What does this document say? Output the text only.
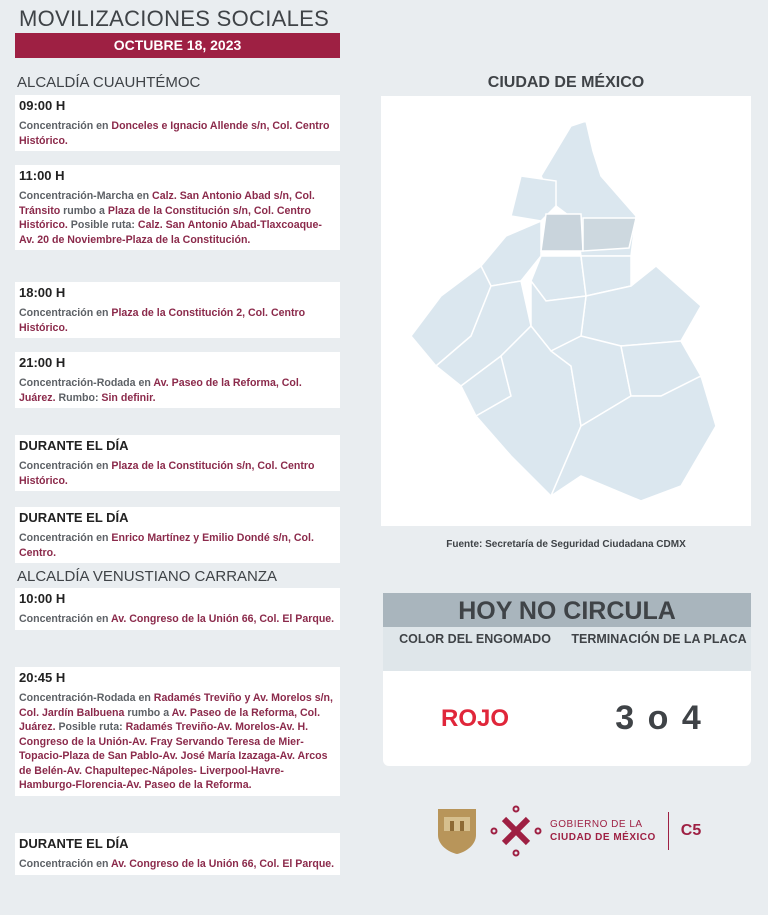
MOVILIZACIONES SOCIALES
OCTUBRE 18, 2023
ALCALDÍA CUAUHTÉMOC
09:00 H
Concentración en Donceles e Ignacio Allende s/n, Col. Centro Histórico.
11:00 H
Concentración-Marcha en Calz. San Antonio Abad s/n, Col. Tránsito rumbo a Plaza de la Constitución s/n, Col. Centro Histórico. Posible ruta: Calz. San Antonio Abad-Tlaxcoaque-Av. 20 de Noviembre-Plaza de la Constitución.
18:00 H
Concentración en Plaza de la Constitución 2, Col. Centro Histórico.
21:00 H
Concentración-Rodada en Av. Paseo de la Reforma, Col. Juárez. Rumbo: Sin definir.
DURANTE EL DÍA
Concentración en Plaza de la Constitución s/n, Col. Centro Histórico.
DURANTE EL DÍA
Concentración en Enrico Martínez y Emilio Dondé s/n, Col. Centro.
ALCALDÍA VENUSTIANO CARRANZA
10:00 H
Concentración en Av. Congreso de la Unión 66, Col. El Parque.
20:45 H
Concentración-Rodada en Radamés Treviño y Av. Morelos s/n, Col. Jardín Balbuena rumbo a Av. Paseo de la Reforma, Col. Juárez. Posible ruta: Radamés Treviño-Av. Morelos-Av. H. Congreso de la Unión-Av. Fray Servando Teresa de Mier-Topacio-Plaza de San Pablo-Av. José María Izazaga-Av. Arcos de Belén-Av. Chapultepec-Nápoles- Liverpool-Havre-Hamburgo-Florencia-Av. Paseo de la Reforma.
DURANTE EL DÍA
Concentración en Av. Congreso de la Unión 66, Col. El Parque.
CIUDAD DE MÉXICO
Fuente: Secretaría de Seguridad Ciudadana CDMX
HOY NO CIRCULA
COLOR DEL ENGOMADO	TERMINACIÓN DE LA PLACA
ROJO	3 o 4
GOBIERNO DE LA
CIUDAD DE MÉXICO	C5
